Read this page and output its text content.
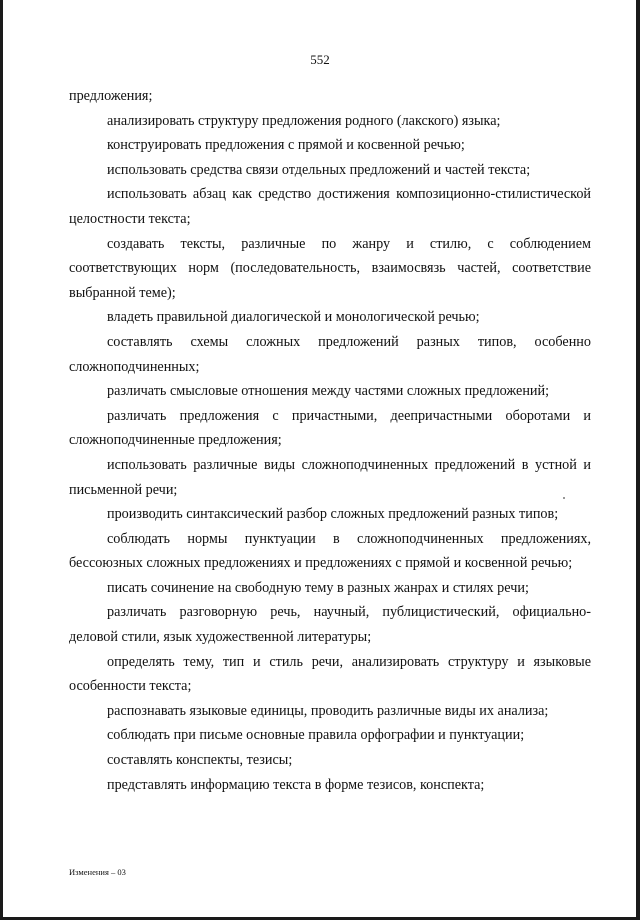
552

предложения;

анализировать структуру предложения родного (лакского) языка;

конструировать предложения с прямой и косвенной речью;

использовать средства связи отдельных предложений и частей текста;

использовать абзац как средство достижения композиционно-стилистической целостности текста;

создавать тексты, различные по жанру и стилю, с соблюдением соответствующих норм (последовательность, взаимосвязь частей, соответствие выбранной теме);

владеть правильной диалогической и монологической речью;

составлять схемы сложных предложений разных типов, особенно сложноподчиненных;

различать смысловые отношения между частями сложных предложений;

различать предложения с причастными, деепричастными оборотами и сложноподчиненные предложения;

использовать различные виды сложноподчиненных предложений в устной и письменной речи;

производить синтаксический разбор сложных предложений разных типов;

соблюдать нормы пунктуации в сложноподчиненных предложениях, бессоюзных сложных предложениях и предложениях с прямой и косвенной речью;

писать сочинение на свободную тему в разных жанрах и стилях речи;

различать разговорную речь, научный, публицистический, официально-деловой стили, язык художественной литературы;

определять тему, тип и стиль речи, анализировать структуру и языковые особенности текста;

распознавать языковые единицы, проводить различные виды их анализа;

соблюдать при письме основные правила орфографии и пунктуации;

составлять конспекты, тезисы;

представлять информацию текста в форме тезисов, конспекта;

Изменения – 03
